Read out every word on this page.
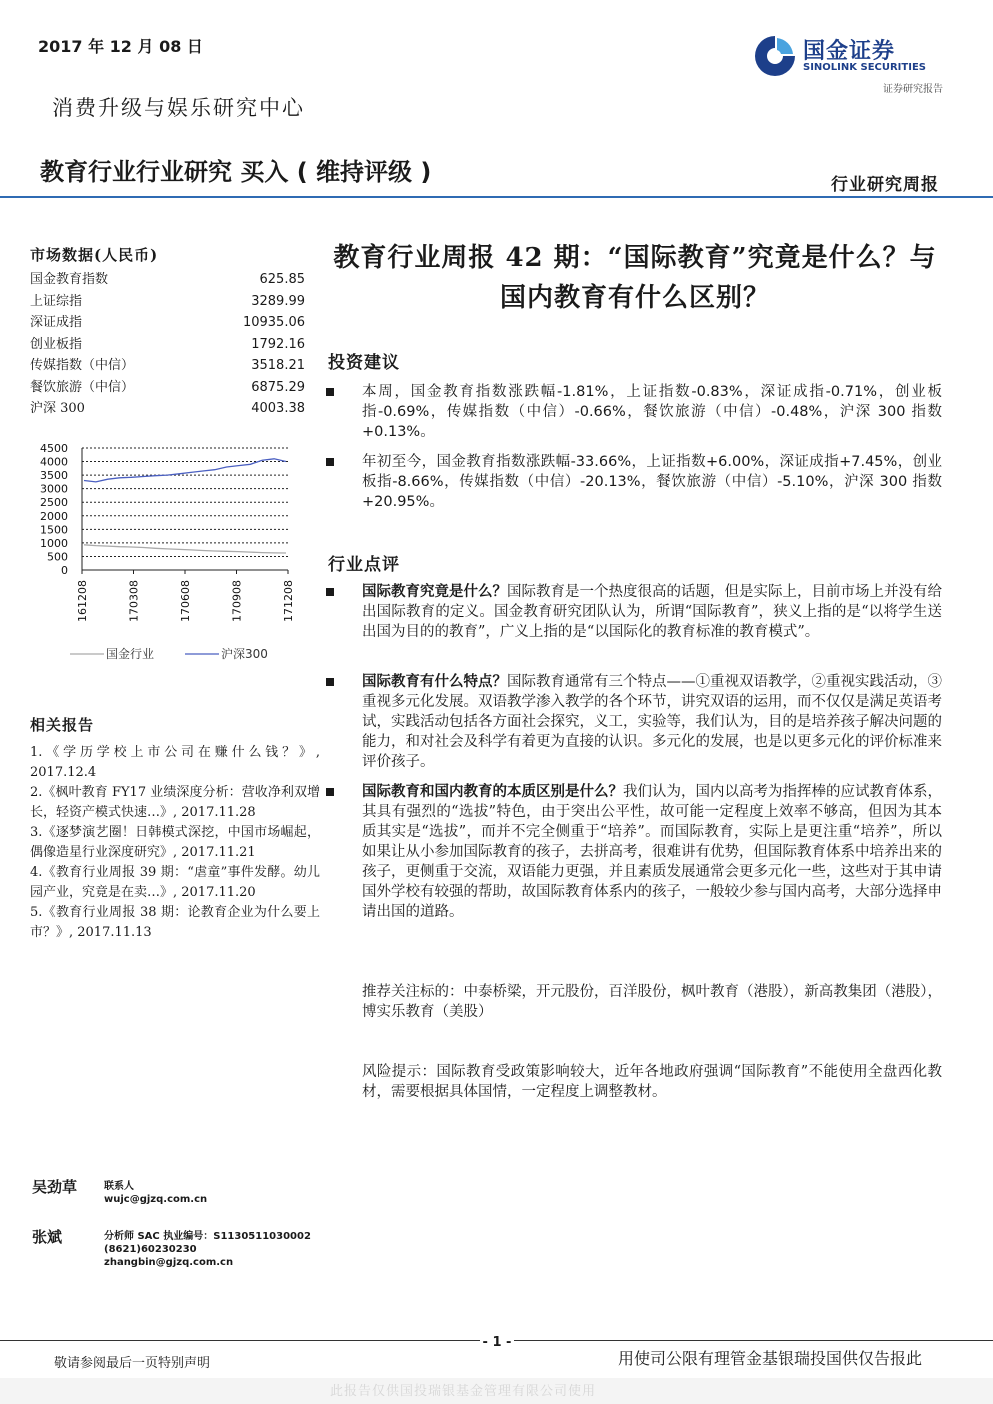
2017 年 12 月 08 日
消费升级与娱乐研究中心
教育行业行业研究 买入 ( 维持评级 )	行业研究周报
国金证券
SINOLINK SECURITIES
证券研究报告
市场数据(人民币)
国金教育指数	625.85
上证综指	3289.99
深证成指	10935.06
创业板指	1792.16
传媒指数（中信）	3518.21
餐饮旅游（中信）	6875.29
沪深 300	4003.38
0
500
1000
1500
2000
2500
3000
3500
4000
4500
161208	170308	170608	170908	171208
国金行业	沪深300
相关报告
1.《学历学校上市公司在赚什么钱？》, 2017.12.4
2.《枫叶教育 FY17 业绩深度分析：营收净利双增长，轻资产模式快速…》, 2017.11.28
3.《逐梦演艺圈！日韩模式深挖，中国市场崛起，偶像造星行业深度研究》, 2017.11.21
4.《教育行业周报 39 期：“虐童”事件发酵。幼儿园产业，究竟是在卖…》, 2017.11.20
5.《教育行业周报 38 期：论教育企业为什么要上市？》, 2017.11.13
吴劲草	联系人
wujc@gjzq.com.cn
张斌	分析师 SAC 执业编号：S1130511030002
(8621)60230230
zhangbin@gjzq.com.cn
教育行业周报 42 期：“国际教育”究竟是什么？与国内教育有什么区别？
投资建议
本周，国金教育指数涨跌幅-1.81%，上证指数-0.83%，深证成指-0.71%，创业板指-0.69%，传媒指数（中信）-0.66%，餐饮旅游（中信）-0.48%，沪深 300 指数+0.13%。
年初至今，国金教育指数涨跌幅-33.66%，上证指数+6.00%，深证成指+7.45%，创业板指-8.66%，传媒指数（中信）-20.13%，餐饮旅游（中信）-5.10%，沪深 300 指数+20.95%。
行业点评
国际教育究竟是什么？国际教育是一个热度很高的话题，但是实际上，目前市场上并没有给出国际教育的定义。国金教育研究团队认为，所谓“国际教育”，狭义上指的是“以将学生送出国为目的的教育”，广义上指的是“以国际化的教育标准的教育模式”。
国际教育有什么特点？国际教育通常有三个特点——①重视双语教学，②重视实践活动，③重视多元化发展。双语教学渗入教学的各个环节，讲究双语的运用，而不仅仅是满足英语考试，实践活动包括各方面社会探究，义工，实验等，我们认为，目的是培养孩子解决问题的能力，和对社会及科学有着更为直接的认识。多元化的发展，也是以更多元化的评价标准来评价孩子。
国际教育和国内教育的本质区别是什么？我们认为，国内以高考为指挥棒的应试教育体系，其具有强烈的“选拔”特色，由于突出公平性，故可能一定程度上效率不够高，但因为其本质其实是“选拔”，而并不完全侧重于“培养”。而国际教育，实际上是更注重“培养”，所以如果让从小参加国际教育的孩子，去拼高考，很难讲有优势，但国际教育体系中培养出来的孩子，更侧重于交流，双语能力更强，并且素质发展通常会更多元化一些，这些对于其申请国外学校有较强的帮助，故国际教育体系内的孩子，一般较少参与国内高考，大部分选择申请出国的道路。
推荐关注标的：中泰桥梁，开元股份，百洋股份，枫叶教育（港股），新高教集团（港股），博实乐教育（美股）
风险提示：国际教育受政策影响较大，近年各地政府强调“国际教育”不能使用全盘西化教材，需要根据具体国情，一定程度上调整教材。
- 1 -
敬请参阅最后一页特别声明	用使司公限有理管金基银瑞投国供仅告报此
此报告仅供国投瑞银基金管理有限公司使用
